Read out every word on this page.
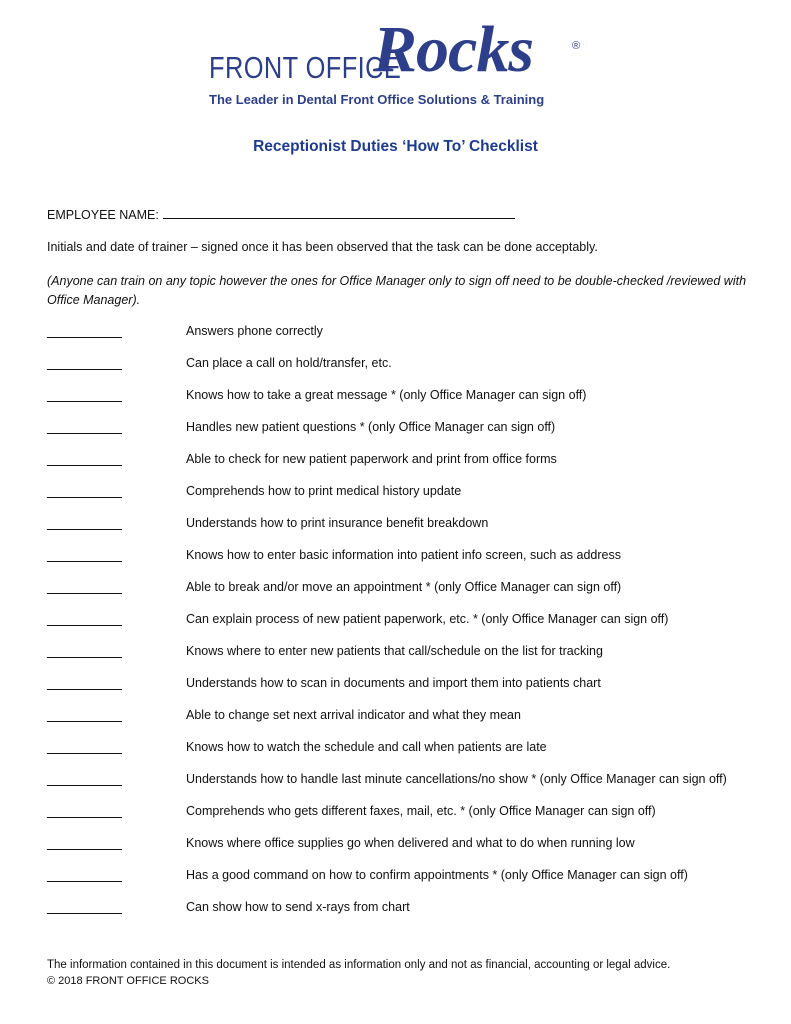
FRONT OFFICE
Rocks	®
The Leader in Dental Front Office Solutions & Training
Receptionist Duties ‘How To’ Checklist
EMPLOYEE NAME:
Initials and date of trainer – signed once it has been observed that the task can be done acceptably.
(Anyone can train on any topic however the ones for Office Manager only to sign off need to be double-checked /reviewed with Office Manager).
Answers phone correctly
Can place a call on hold/transfer, etc.
Knows how to take a great message * (only Office Manager can sign off)
Handles new patient questions * (only Office Manager can sign off)
Able to check for new patient paperwork and print from office forms
Comprehends how to print medical history update
Understands how to print insurance benefit breakdown
Knows how to enter basic information into patient info screen, such as address
Able to break and/or move an appointment * (only Office Manager can sign off)
Can explain process of new patient paperwork, etc. * (only Office Manager can sign off)
Knows where to enter new patients that call/schedule on the list for tracking
Understands how to scan in documents and import them into patients chart
Able to change set next arrival indicator and what they mean
Knows how to watch the schedule and call when patients are late
Understands how to handle last minute cancellations/no show * (only Office Manager can sign off)
Comprehends who gets different faxes, mail, etc. * (only Office Manager can sign off)
Knows where office supplies go when delivered and what to do when running low
Has a good command on how to confirm appointments * (only Office Manager can sign off)
Can show how to send x-rays from chart
The information contained in this document is intended as information only and not as financial, accounting or legal advice.
© 2018 FRONT OFFICE ROCKS
